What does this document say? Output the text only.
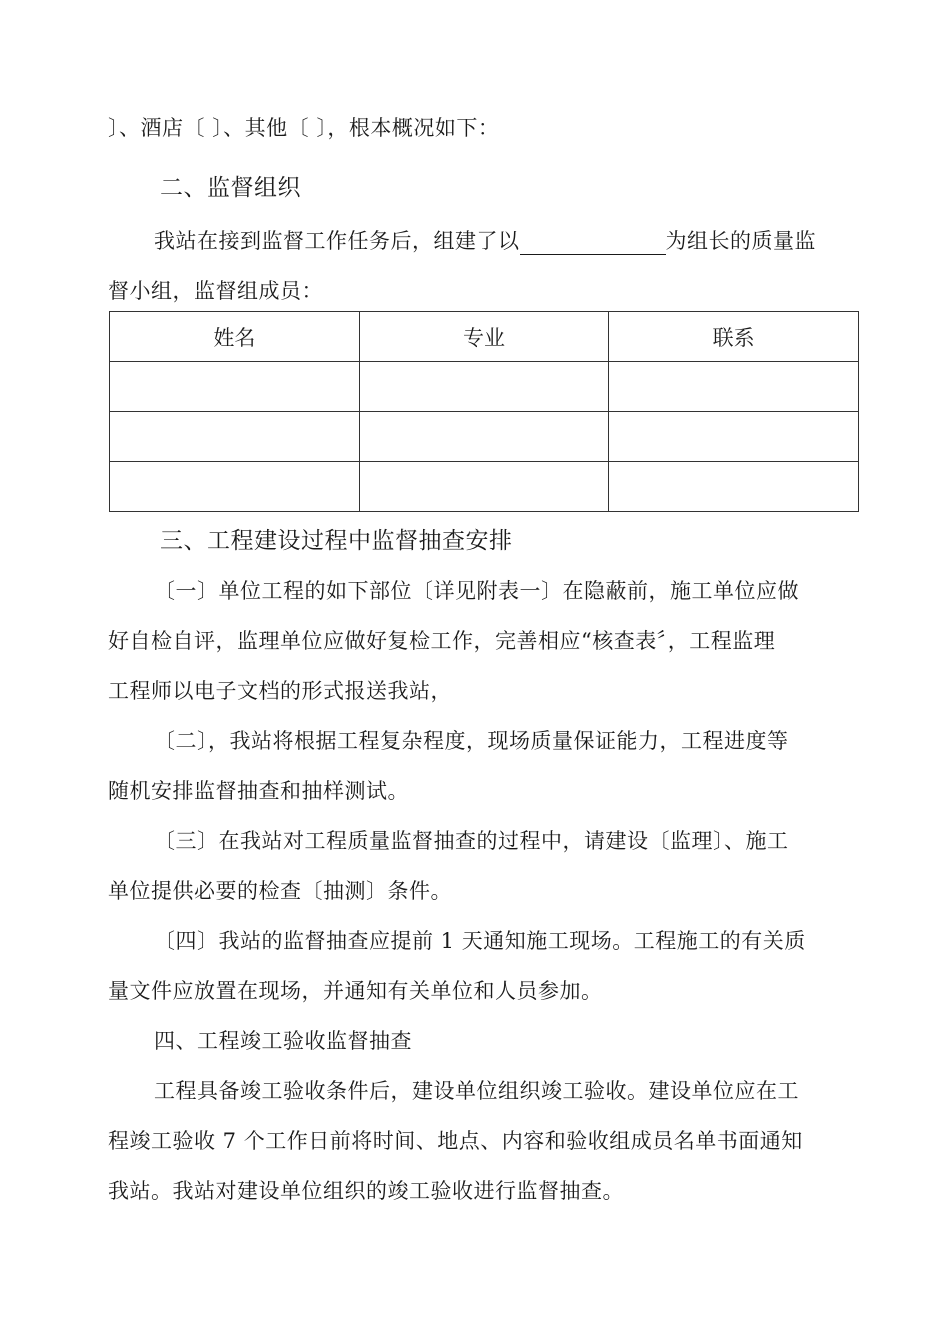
〕、酒店〔 〕、其他〔 〕，根本概况如下：
二、监督组织
我站在接到监督工作任务后，组建了以	为组长的质量监
督小组，监督组成员：
姓名	专业	联系

三、工程建设过程中监督抽查安排
〔一〕单位工程的如下部位〔详见附表一〕在隐蔽前，施工单位应做
好自检自评，监理单位应做好复检工作，完善相应“核查表〞，工程监理
工程师以电子文档的形式报送我站，
〔二〕，我站将根据工程复杂程度，现场质量保证能力，工程进度等
随机安排监督抽查和抽样测试。
〔三〕在我站对工程质量监督抽查的过程中，请建设〔监理〕、施工
单位提供必要的检查〔抽测〕条件。
〔四〕我站的监督抽查应提前 1 天通知施工现场。工程施工的有关质
量文件应放置在现场，并通知有关单位和人员参加。
四、工程竣工验收监督抽查
工程具备竣工验收条件后，建设单位组织竣工验收。建设单位应在工
程竣工验收 7 个工作日前将时间、地点、内容和验收组成员名单书面通知
我站。我站对建设单位组织的竣工验收进行监督抽查。
